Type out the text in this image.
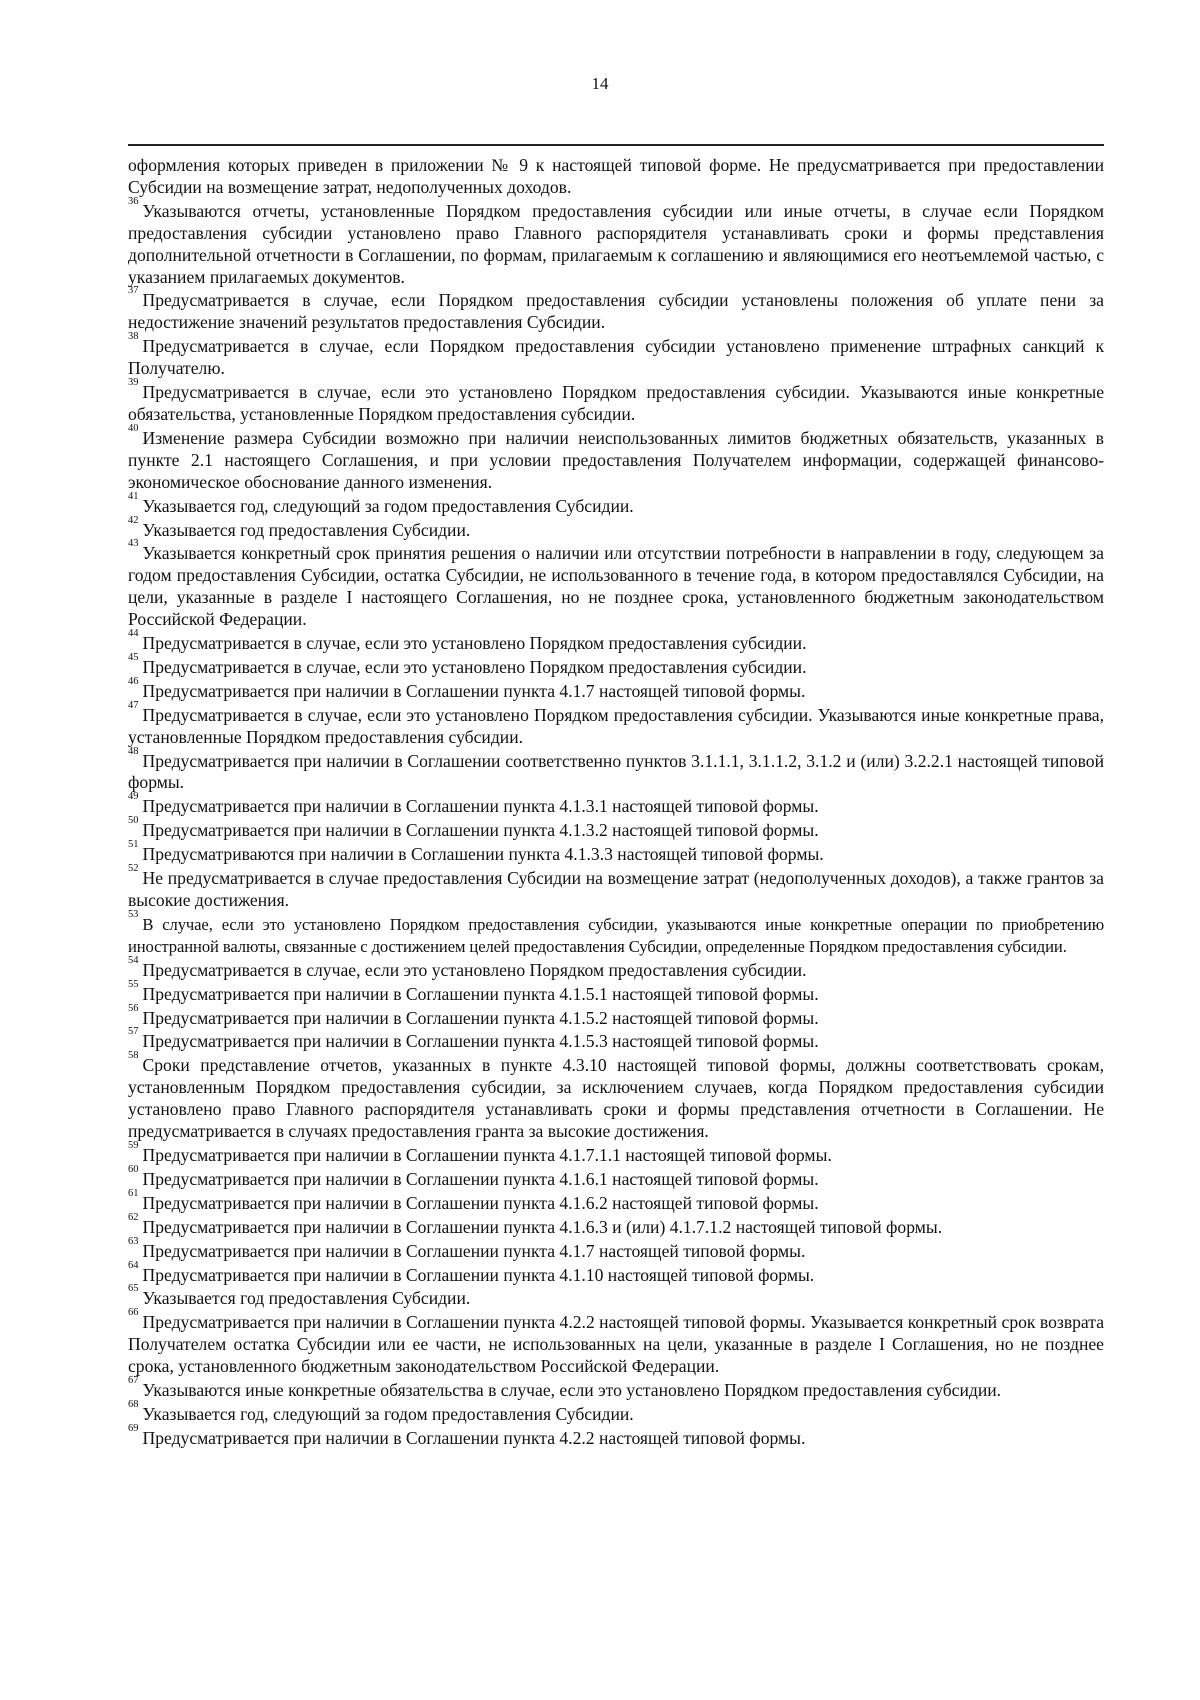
14

оформления которых приведен в приложении № 9 к настоящей типовой форме. Не предусматривается при предоставлении Субсидии на возмещение затрат, недополученных доходов.

$^{36}$ Указываются отчеты, установленные Порядком предоставления субсидии или иные отчеты, в случае если Порядком предоставления субсидии установлено право Главного распорядителя устанавливать сроки и формы представления дополнительной отчетности в Соглашении, по формам, прилагаемым к соглашению и являющимися его неотъемлемой частью, с указанием прилагаемых документов.

$^{37}$ Предусматривается в случае, если Порядком предоставления субсидии установлены положения об уплате пени за недостижение значений результатов предоставления Субсидии.

$^{38}$ Предусматривается в случае, если Порядком предоставления субсидии установлено применение штрафных санкций к Получателю.

$^{39}$ Предусматривается в случае, если это установлено Порядком предоставления субсидии. Указываются иные конкретные обязательства, установленные Порядком предоставления субсидии.

$^{40}$ Изменение размера Субсидии возможно при наличии неиспользованных лимитов бюджетных обязательств, указанных в пункте 2.1 настоящего Соглашения, и при условии предоставления Получателем информации, содержащей финансово-экономическое обоснование данного изменения.

$^{41}$ Указывается год, следующий за годом предоставления Субсидии.

$^{42}$ Указывается год предоставления Субсидии.

$^{43}$ Указывается конкретный срок принятия решения о наличии или отсутствии потребности в направлении в году, следующем за годом предоставления Субсидии, остатка Субсидии, не использованного в течение года, в котором предоставлялся Субсидии, на цели, указанные в разделе I настоящего Соглашения, но не позднее срока, установленного бюджетным законодательством Российской Федерации.

$^{44}$ Предусматривается в случае, если это установлено Порядком предоставления субсидии.

$^{45}$ Предусматривается в случае, если это установлено Порядком предоставления субсидии.

$^{46}$ Предусматривается при наличии в Соглашении пункта 4.1.7 настоящей типовой формы.

$^{47}$ Предусматривается в случае, если это установлено Порядком предоставления субсидии. Указываются иные конкретные права, установленные Порядком предоставления субсидии.

$^{48}$ Предусматривается при наличии в Соглашении соответственно пунктов 3.1.1.1, 3.1.1.2, 3.1.2 и (или) 3.2.2.1 настоящей типовой формы.

$^{49}$ Предусматривается при наличии в Соглашении пункта 4.1.3.1 настоящей типовой формы.

$^{50}$ Предусматривается при наличии в Соглашении пункта 4.1.3.2 настоящей типовой формы.

$^{51}$ Предусматриваются при наличии в Соглашении пункта 4.1.3.3 настоящей типовой формы.

$^{52}$ Не предусматривается в случае предоставления Субсидии на возмещение затрат (недополученных доходов), а также грантов за высокие достижения.

$^{53}$В случае, если это установлено Порядком предоставления субсидии, указываются иные конкретные операции по приобретению иностранной валюты, связанные с достижением целей предоставления Субсидии, определенные Порядком предоставления субсидии.

$^{54}$ Предусматривается в случае, если это установлено Порядком предоставления субсидии.

$^{55}$ Предусматривается при наличии в Соглашении пункта 4.1.5.1 настоящей типовой формы.

$^{56}$ Предусматривается при наличии в Соглашении пункта 4.1.5.2 настоящей типовой формы.

$^{57}$ Предусматривается при наличии в Соглашении пункта 4.1.5.3 настоящей типовой формы.

$^{58}$ Сроки представление отчетов, указанных в пункте 4.3.10 настоящей типовой формы, должны соответствовать срокам, установленным Порядком предоставления субсидии, за исключением случаев, когда Порядком предоставления субсидии установлено право Главного распорядителя устанавливать сроки и формы представления отчетности в Соглашении. Не предусматривается в случаях предоставления гранта за высокие достижения.

$^{59}$ Предусматривается при наличии в Соглашении пункта 4.1.7.1.1 настоящей типовой формы.

$^{60}$ Предусматривается при наличии в Соглашении пункта 4.1.6.1 настоящей типовой формы.

$^{61}$ Предусматривается при наличии в Соглашении пункта 4.1.6.2 настоящей типовой формы.

$^{62}$ Предусматривается при наличии в Соглашении пункта 4.1.6.3 и (или) 4.1.7.1.2 настоящей типовой формы.

$^{63}$ Предусматривается при наличии в Соглашении пункта 4.1.7 настоящей типовой формы.

$^{64}$ Предусматривается при наличии в Соглашении пункта 4.1.10 настоящей типовой формы.

$^{65}$ Указывается год предоставления Субсидии.

$^{66}$ Предусматривается при наличии в Соглашении пункта 4.2.2 настоящей типовой формы. Указывается конкретный срок возврата Получателем остатка Субсидии или ее части, не использованных на цели, указанные в разделе I Соглашения, но не позднее срока, установленного бюджетным законодательством Российской Федерации.

$^{67}$ Указываются иные конкретные обязательства в случае, если это установлено Порядком предоставления субсидии.

$^{68}$ Указывается год, следующий за годом предоставления Субсидии.

$^{69}$ Предусматривается при наличии в Соглашении пункта 4.2.2 настоящей типовой формы.
